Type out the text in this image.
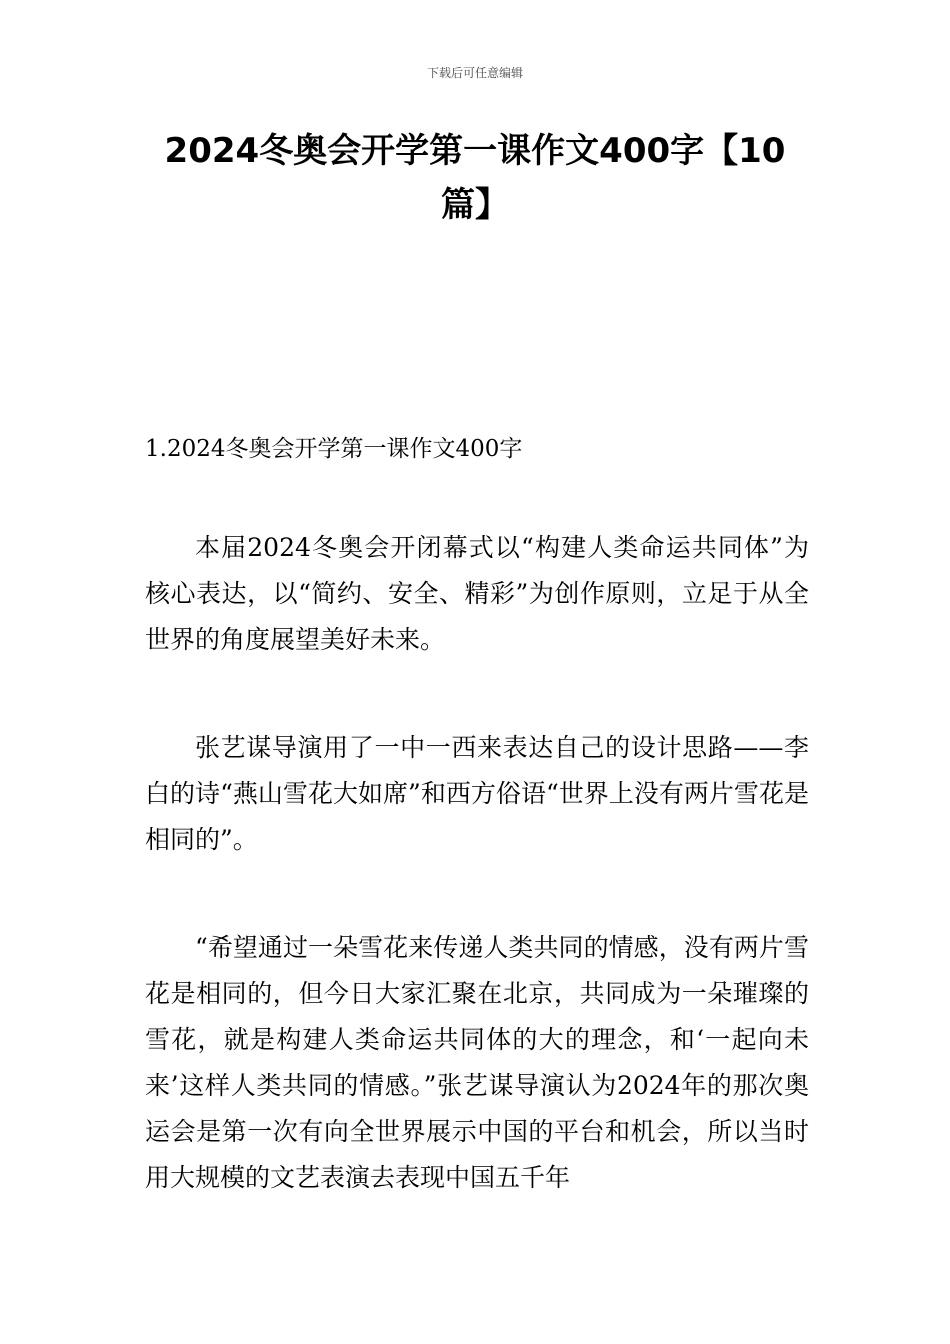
下载后可任意编辑
2024冬奥会开学第一课作文400字【10篇】
1.2024冬奥会开学第一课作文400字

本届2024冬奥会开闭幕式以“构建人类命运共同体”为核心表达，以“简约、安全、精彩”为创作原则，立足于从全世界的角度展望美好未来。

张艺谋导演用了一中一西来表达自己的设计思路——李白的诗“燕山雪花大如席”和西方俗语“世界上没有两片雪花是相同的”。

“希望通过一朵雪花来传递人类共同的情感，没有两片雪花是相同的，但今日大家汇聚在北京，共同成为一朵璀璨的雪花，就是构建人类命运共同体的大的理念，和‘一起向未来’这样人类共同的情感。”张艺谋导演认为2024年的那次奥运会是第一次有向全世界展示中国的平台和机会，所以当时用大规模的文艺表演去表现中国五千年
